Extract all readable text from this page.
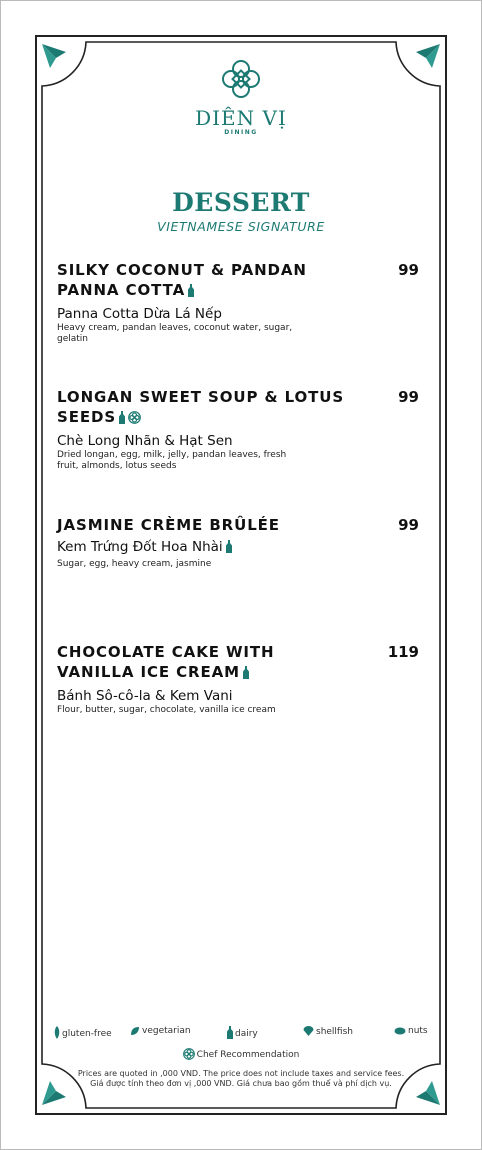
DIÊN VỊ
DINING
DESSERT
VIETNAMESE SIGNATURE
SILKY COCONUT & PANDAN PANNA COTTA
99
Panna Cotta Dừa Lá Nếp
Heavy cream, pandan leaves, coconut water, sugar, gelatin
LONGAN SWEET SOUP & LOTUS SEEDS
99
Chè Long Nhãn & Hạt Sen
Dried longan, egg, milk, jelly, pandan leaves, fresh fruit, almonds, lotus seeds
JASMINE CRÈME BRÛLÉE	99
Kem Trứng Đốt Hoa Nhài
Sugar, egg, heavy cream, jasmine
CHOCOLATE CAKE WITH VANILLA ICE CREAM
119
Bánh Sô-cô-la & Kem Vani
Flour, butter, sugar, chocolate, vanilla ice cream
gluten-free	vegetarian	dairy	shellfish	nuts
Chef Recommendation
Prices are quoted in ,000 VND. The price does not include taxes and service fees.
Giá được tính theo đơn vị ,000 VND. Giá chưa bao gồm thuế và phí dịch vụ.
